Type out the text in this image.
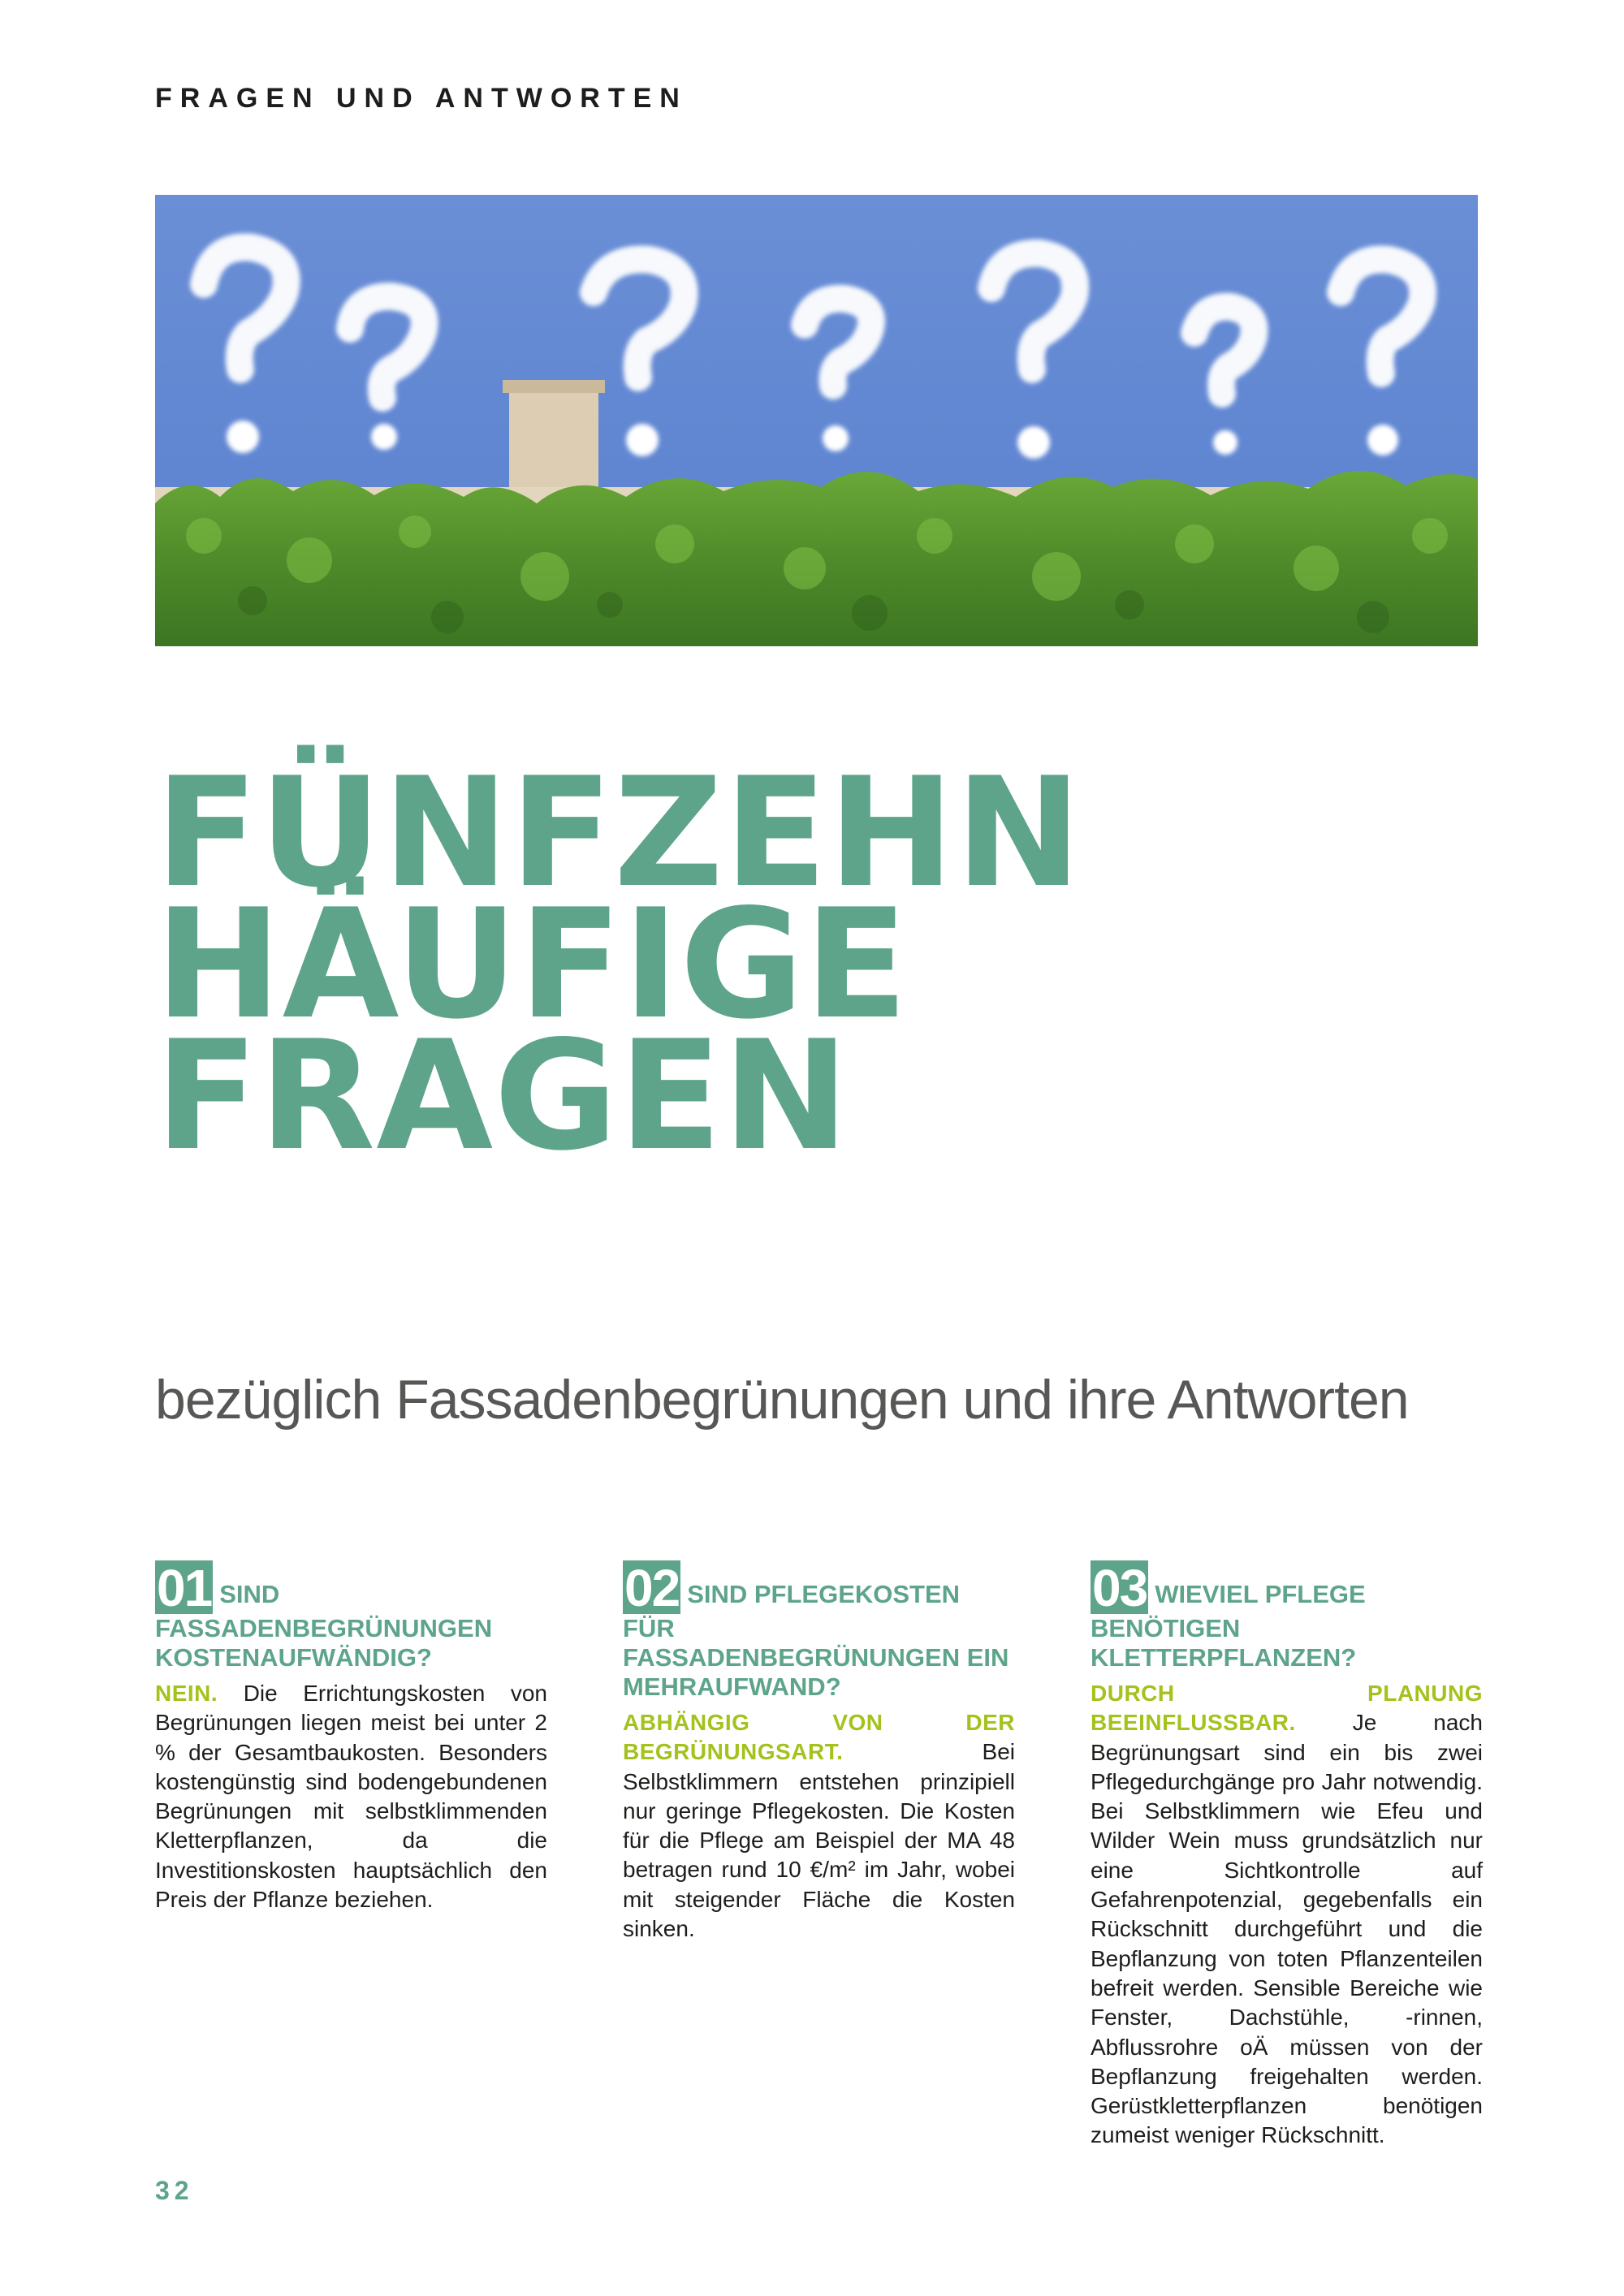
FRAGEN UND ANTWORTEN
FÜNFZEHN
HÄUFIGE
FRAGEN
bezüglich Fassadenbegrünungen und ihre Antworten

01 SIND FASSADENBEGRÜNUNGEN KOSTENAUFWÄNDIG?

NEIN. Die Errichtungskosten von Begrünungen liegen meist bei unter 2 % der Gesamtbaukosten. Besonders kostengünstig sind bodengebundenen Begrünungen mit selbstklimmenden Kletterpflanzen, da die Investitionskosten hauptsächlich den Preis der Pflanze beziehen.

02 SIND PFLEGEKOSTEN FÜR FASSADENBEGRÜNUNGEN EIN MEHRAUFWAND?

ABHÄNGIG VON DER BEGRÜNUNGSART. Bei Selbstklimmern entstehen prinzipiell nur geringe Pflegekosten. Die Kosten für die Pflege am Beispiel der MA 48 betragen rund 10 €/m² im Jahr, wobei mit steigender Fläche die Kosten sinken.

03 WIEVIEL PFLEGE BENÖTIGEN KLETTERPFLANZEN?

DURCH PLANUNG BEEINFLUSSBAR. Je nach Begrünungsart sind ein bis zwei Pflegedurchgänge pro Jahr notwendig. Bei Selbstklimmern wie Efeu und Wilder Wein muss grundsätzlich nur eine Sichtkontrolle auf Gefahrenpotenzial, gegebenfalls ein Rückschnitt durchgeführt und die Bepflanzung von toten Pflanzenteilen befreit werden. Sensible Bereiche wie Fenster, Dachstühle, -rinnen, Abflussrohre oÄ müssen von der Bepflanzung freigehalten werden. Gerüstkletterpflanzen benötigen zumeist weniger Rückschnitt.

32
